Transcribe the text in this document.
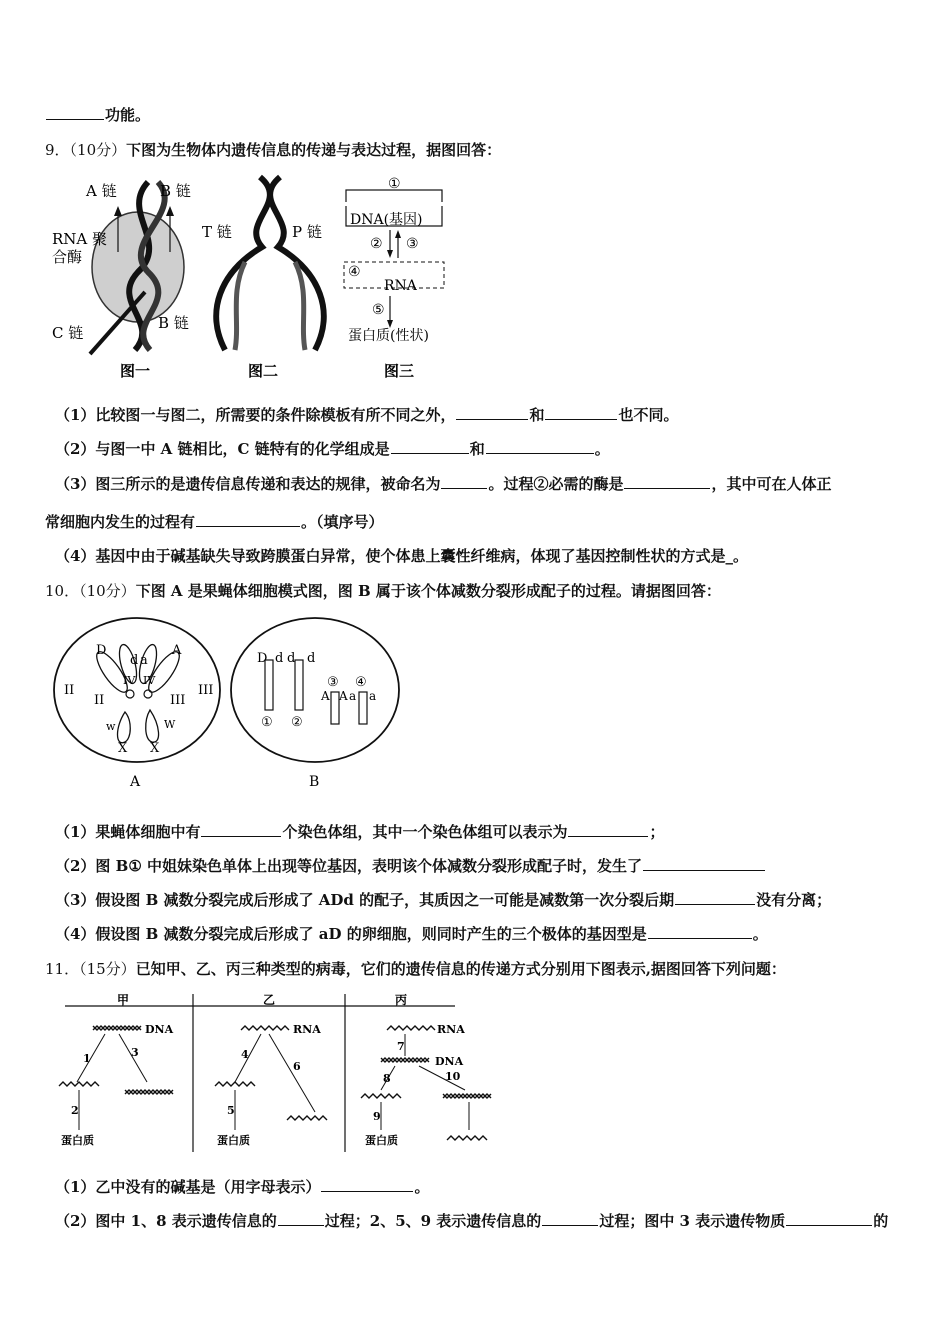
功能。
9．（10分）下图为生物体内遗传信息的传递与表达过程，据图回答：
A 链	B 链
RNA 聚
合酶
C 链
B 链
图一
T 链	P 链
图二
①
DNA(基因)
② ③
④
RNA
⑤
蛋白质(性状)
图三
（1）比较图一与图二，所需要的条件除模板有所不同之外，	和	也不同。
（2）与图一中 A 链相比，C 链特有的化学组成是	和	。
（3）图三所示的是遗传信息传递和表达的规律，被命名为	。过程②必需的酶是	，其中可在人体正
常细胞内发生的过程有	。（填序号）
（4）基因中由于碱基缺失导致跨膜蛋白异常，使个体患上囊性纤维病，体现了基因控制性状的方式是_。
10．（10分）下图 A 是果蝇体细胞模式图，图 B 属于该个体减数分裂形成配子的过程。请据图回答：
D
d a
A
II
II
IV IV
III
III
w	W
X X
A
D d d d
① ②
③ ④
A A a a
B
（1）果蝇体细胞中有	个染色体组，其中一个染色体组可以表示为	；
（2）图 B① 中姐妹染色单体上出现等位基因，表明该个体减数分裂形成配子时，发生了
（3）假设图 B 减数分裂完成后形成了 ADd 的配子，其质因之一可能是减数第一次分裂后期	没有分离；
（4）假设图 B 减数分裂完成后形成了 aD 的卵细胞，则同时产生的三个极体的基因型是	。
11．（15分）已知甲、乙、丙三种类型的病毒，它们的遗传信息的传递方式分别用下图表示,据图回答下列问题：
甲	乙	丙
DNA
1	3
2
蛋白质
RNA
4
6
5
蛋白质
RNA
7
DNA
8	10
9
蛋白质
（1）乙中没有的碱基是（用字母表示）	。
（2）图中 1、8 表示遗传信息的	过程；2、5、9 表示遗传信息的	过程；图中 3 表示遗传物质	的
